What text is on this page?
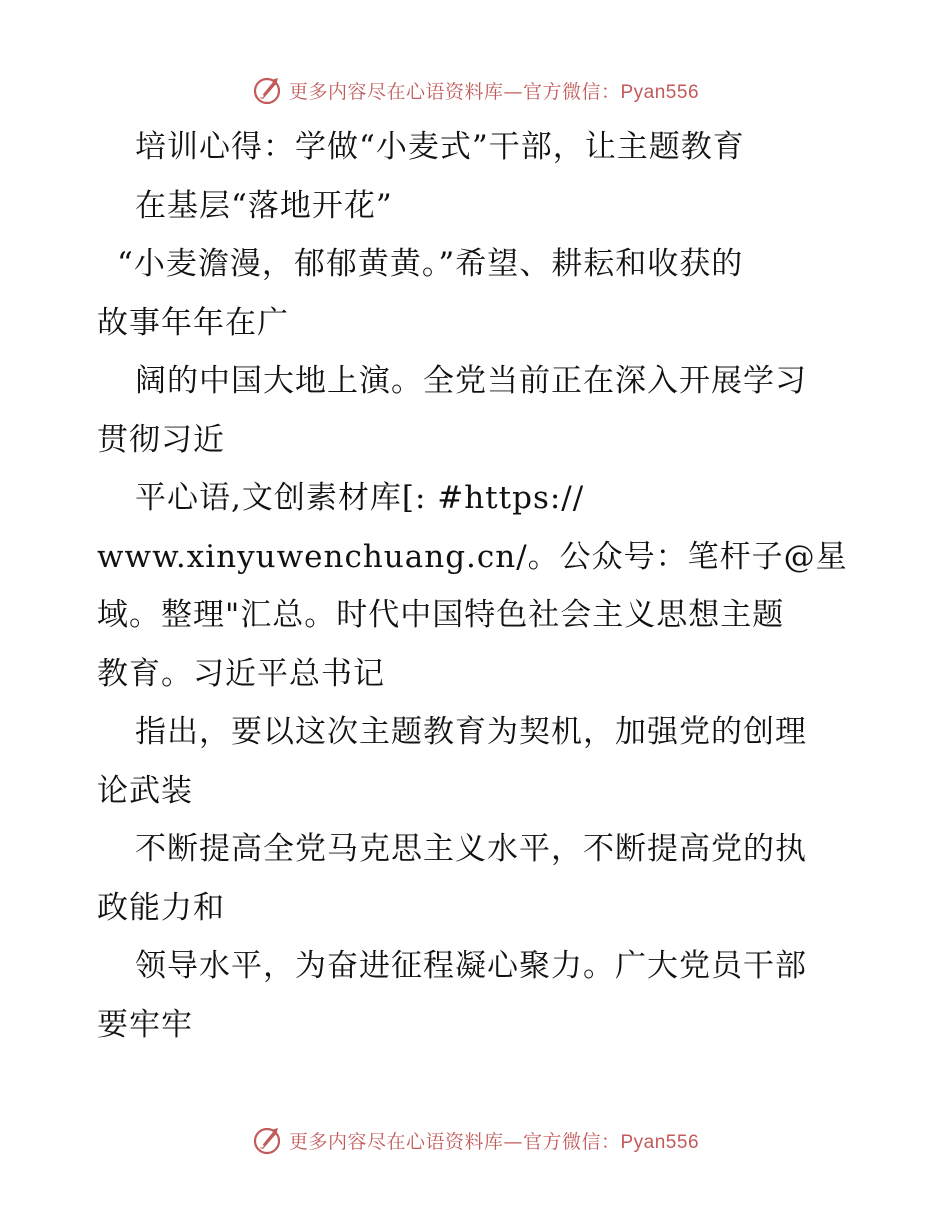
更多内容尽在心语资料库—官方微信：Pyan556
培训心得：学做“小麦式”干部，让主题教育
在基层“落地开花”
“小麦澹漫，郁郁黄黄。”希望、耕耘和收获的
故事年年在广
阔的中国大地上演。全党当前正在深入开展学习
贯彻习近
平心语,文创素材库[: #https://
www.xinyuwenchuang.cn/。公众号：笔杆子@星
域。整理"汇总。时代中国特色社会主义思想主题
教育。习近平总书记
指出，要以这次主题教育为契机，加强党的创理
论武装
不断提高全党马克思主义水平，不断提高党的执
政能力和
领导水平，为奋进征程凝心聚力。广大党员干部
要牢牢
更多内容尽在心语资料库—官方微信：Pyan556
